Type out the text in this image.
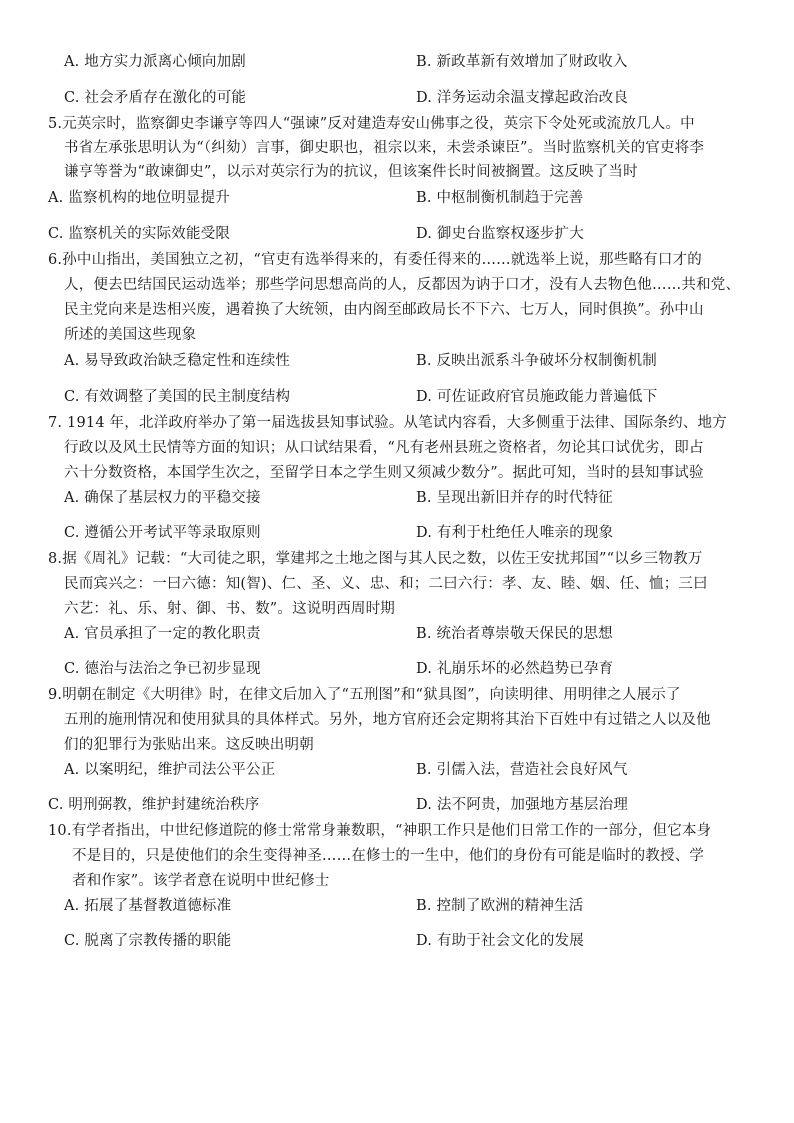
A. 地方实力派离心倾向加剧	B. 新政革新有效增加了财政收入
C. 社会矛盾存在激化的可能	D. 洋务运动余温支撑起政治改良
5.元英宗时，监察御史李谦亨等四人“强谏”反对建造寿安山佛事之役，英宗下令处死或流放几人。中
书省左承张思明认为“（纠劾）言事，御史职也，祖宗以来，未尝杀谏臣”。当时监察机关的官吏将李
谦亨等誉为“敢谏御史”，以示对英宗行为的抗议，但该案件长时间被搁置。这反映了当时
A. 监察机构的地位明显提升	B. 中枢制衡机制趋于完善
C. 监察机关的实际效能受限	D. 御史台监察权逐步扩大
6.孙中山指出，美国独立之初，“官吏有选举得来的，有委任得来的……就选举上说，那些略有口才的
人，便去巴结国民运动选举；那些学问思想高尚的人，反都因为讷于口才，没有人去物色他……共和党、
民主党向来是迭相兴废，遇着换了大统领，由内阁至邮政局长不下六、七万人，同时俱换”。孙中山
所述的美国这些现象
A. 易导致政治缺乏稳定性和连续性	B. 反映出派系斗争破坏分权制衡机制
C. 有效调整了美国的民主制度结构	D. 可佐证政府官员施政能力普遍低下
7. 1914 年，北洋政府举办了第一届选拔县知事试验。从笔试内容看，大多侧重于法律、国际条约、地方
行政以及风土民情等方面的知识；从口试结果看，“凡有老州县班之资格者，勿论其口试优劣，即占
六十分数资格，本国学生次之，至留学日本之学生则又须减少数分”。据此可知，当时的县知事试验
A. 确保了基层权力的平稳交接	B. 呈现出新旧并存的时代特征
C. 遵循公开考试平等录取原则	D. 有利于杜绝任人唯亲的现象
8.据《周礼》记载：“大司徒之职，掌建邦之土地之图与其人民之数，以佐王安扰邦国”“以乡三物教万
民而宾兴之：一曰六德：知(智)、仁、圣、义、忠、和；二曰六行：孝、友、睦、姻、任、恤；三曰
六艺：礼、乐、射、御、书、数”。这说明西周时期
A. 官员承担了一定的教化职责	B. 统治者尊崇敬天保民的思想
C. 德治与法治之争已初步显现	D. 礼崩乐坏的必然趋势已孕育
9.明朝在制定《大明律》时，在律文后加入了“五刑图”和“狱具图”，向读明律、用明律之人展示了
五刑的施刑情况和使用狱具的具体样式。另外，地方官府还会定期将其治下百姓中有过错之人以及他
们的犯罪行为张贴出来。这反映出明朝
A. 以案明纪，维护司法公平公正	B. 引儒入法，营造社会良好风气
C. 明刑弼教，维护封建统治秩序	D. 法不阿贵，加强地方基层治理
10.有学者指出，中世纪修道院的修士常常身兼数职，“神职工作只是他们日常工作的一部分，但它本身
不是目的，只是使他们的余生变得神圣……在修士的一生中，他们的身份有可能是临时的教授、学
者和作家”。该学者意在说明中世纪修士
A. 拓展了基督教道德标准	B. 控制了欧洲的精神生活
C. 脱离了宗教传播的职能	D. 有助于社会文化的发展
